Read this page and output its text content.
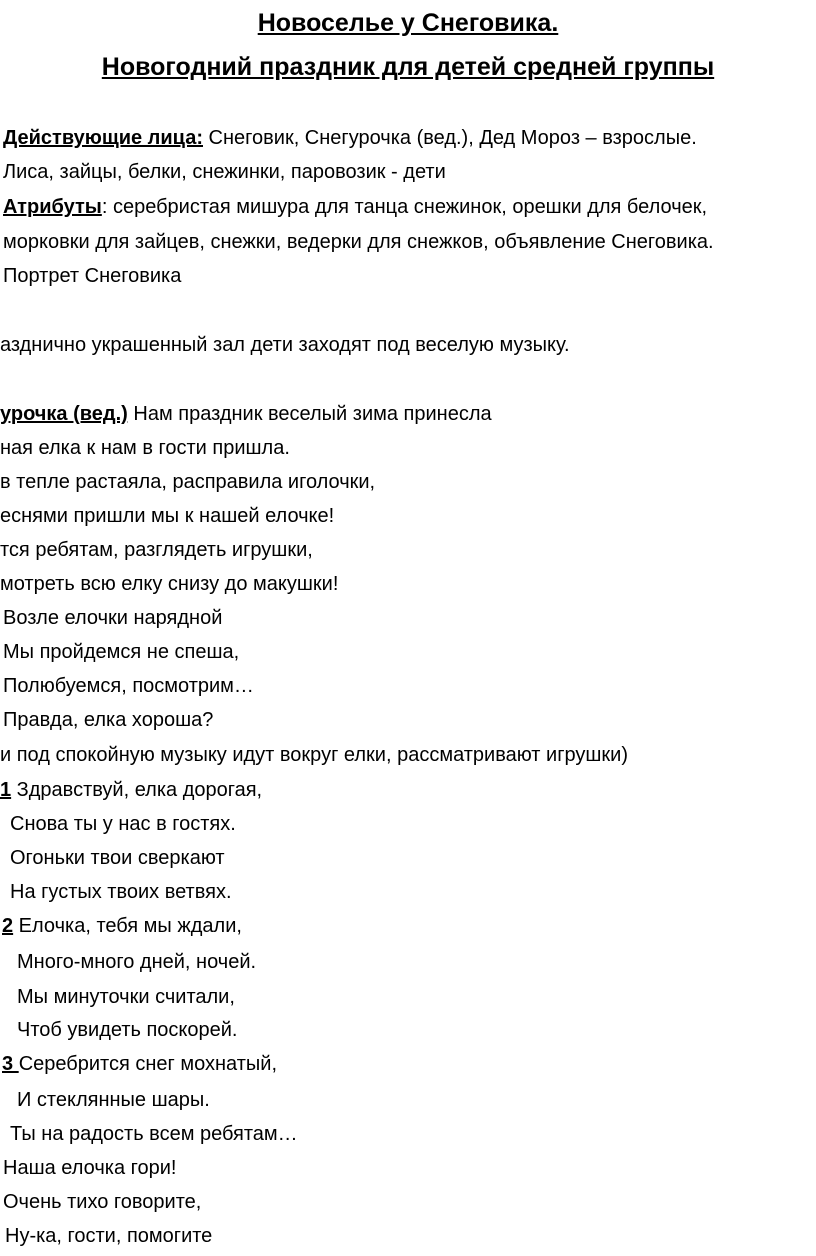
Новоселье у Снеговика.
Новогодний праздник для детей средней группы
Действующие лица: Снеговик, Снегурочка (вед.), Дед Мороз – взрослые.
Лиса, зайцы, белки, снежинки, паровозик - дети
Атрибуты: серебристая мишура для танца снежинок, орешки для белочек,
морковки для зайцев, снежки, ведерки для снежков, объявление Снеговика.
Портрет Снеговика
аздничнo украшенный зал дети заходят под веселую музыку.
урочка (вед.) Нам праздник веселый зима принесла
ная елка к нам в гости пришла.
в тепле растаяла, расправила иголочки,
еснями пришли мы к нашей елочке!
тся ребятам, разглядеть игрушки,
мотреть всю елку снизу до макушки!
Возле елочки нарядной
Мы пройдемся не спеша,
Полюбуемся, посмотрим…
Правда, елка хороша?
и под спокойную музыку идут вокруг елки, рассматривают игрушки)
1 Здравствуй, елка дорогая,
Снова ты у нас в гостях.
Огоньки твои сверкают
На густых твоих ветвях.
2 Елочка, тебя мы ждали,
Много-много дней, ночей.
Мы минуточки считали,
Чтоб увидеть поскорей.
3 Серебрится снег мохнатый,
И стеклянные шары.
Ты на радость всем ребятам…
Наша елочка гори!
Очень тихо говорите,
Ну-ка, гости, помогите
